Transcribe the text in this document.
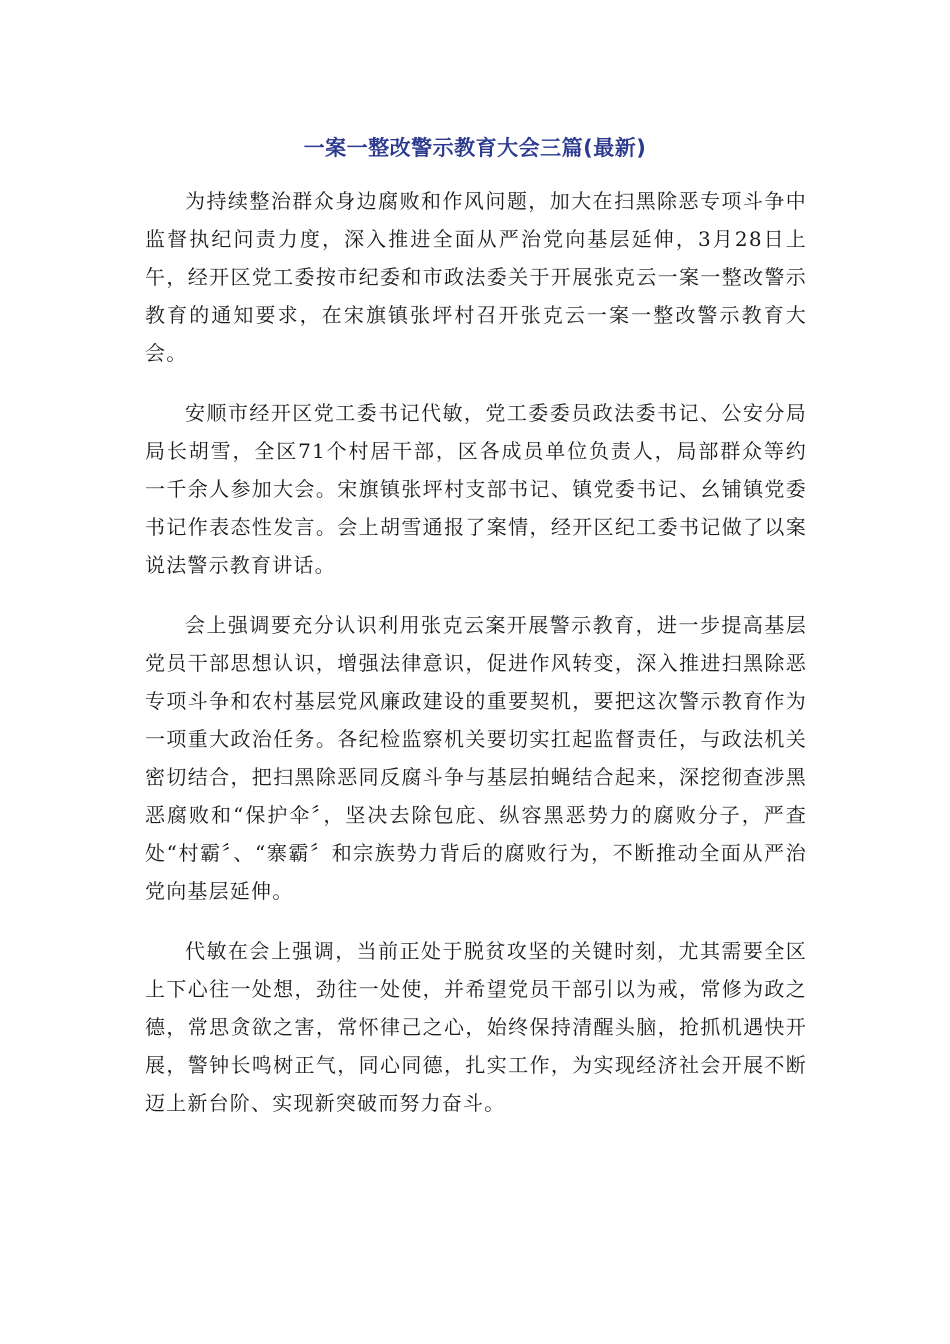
一案一整改警示教育大会三篇(最新)

为持续整治群众身边腐败和作风问题，加大在扫黑除恶专项斗争中监督执纪问责力度，深入推进全面从严治党向基层延伸，3月28日上午，经开区党工委按市纪委和市政法委关于开展张克云一案一整改警示教育的通知要求，在宋旗镇张坪村召开张克云一案一整改警示教育大会。

安顺市经开区党工委书记代敏，党工委委员政法委书记、公安分局局长胡雪，全区71个村居干部，区各成员单位负责人，局部群众等约一千余人参加大会。宋旗镇张坪村支部书记、镇党委书记、幺铺镇党委书记作表态性发言。会上胡雪通报了案情，经开区纪工委书记做了以案说法警示教育讲话。

会上强调要充分认识利用张克云案开展警示教育，进一步提高基层党员干部思想认识，增强法律意识，促进作风转变，深入推进扫黑除恶专项斗争和农村基层党风廉政建设的重要契机，要把这次警示教育作为一项重大政治任务。各纪检监察机关要切实扛起监督责任，与政法机关密切结合，把扫黑除恶同反腐斗争与基层拍蝇结合起来，深挖彻查涉黑恶腐败和“保护伞〞，坚决去除包庇、纵容黑恶势力的腐败分子，严查处“村霸〞、“寨霸〞和宗族势力背后的腐败行为，不断推动全面从严治党向基层延伸。

代敏在会上强调，当前正处于脱贫攻坚的关键时刻，尤其需要全区上下心往一处想，劲往一处使，并希望党员干部引以为戒，常修为政之德，常思贪欲之害，常怀律己之心，始终保持清醒头脑，抢抓机遇快开展，警钟长鸣树正气，同心同德，扎实工作，为实现经济社会开展不断迈上新台阶、实现新突破而努力奋斗。
